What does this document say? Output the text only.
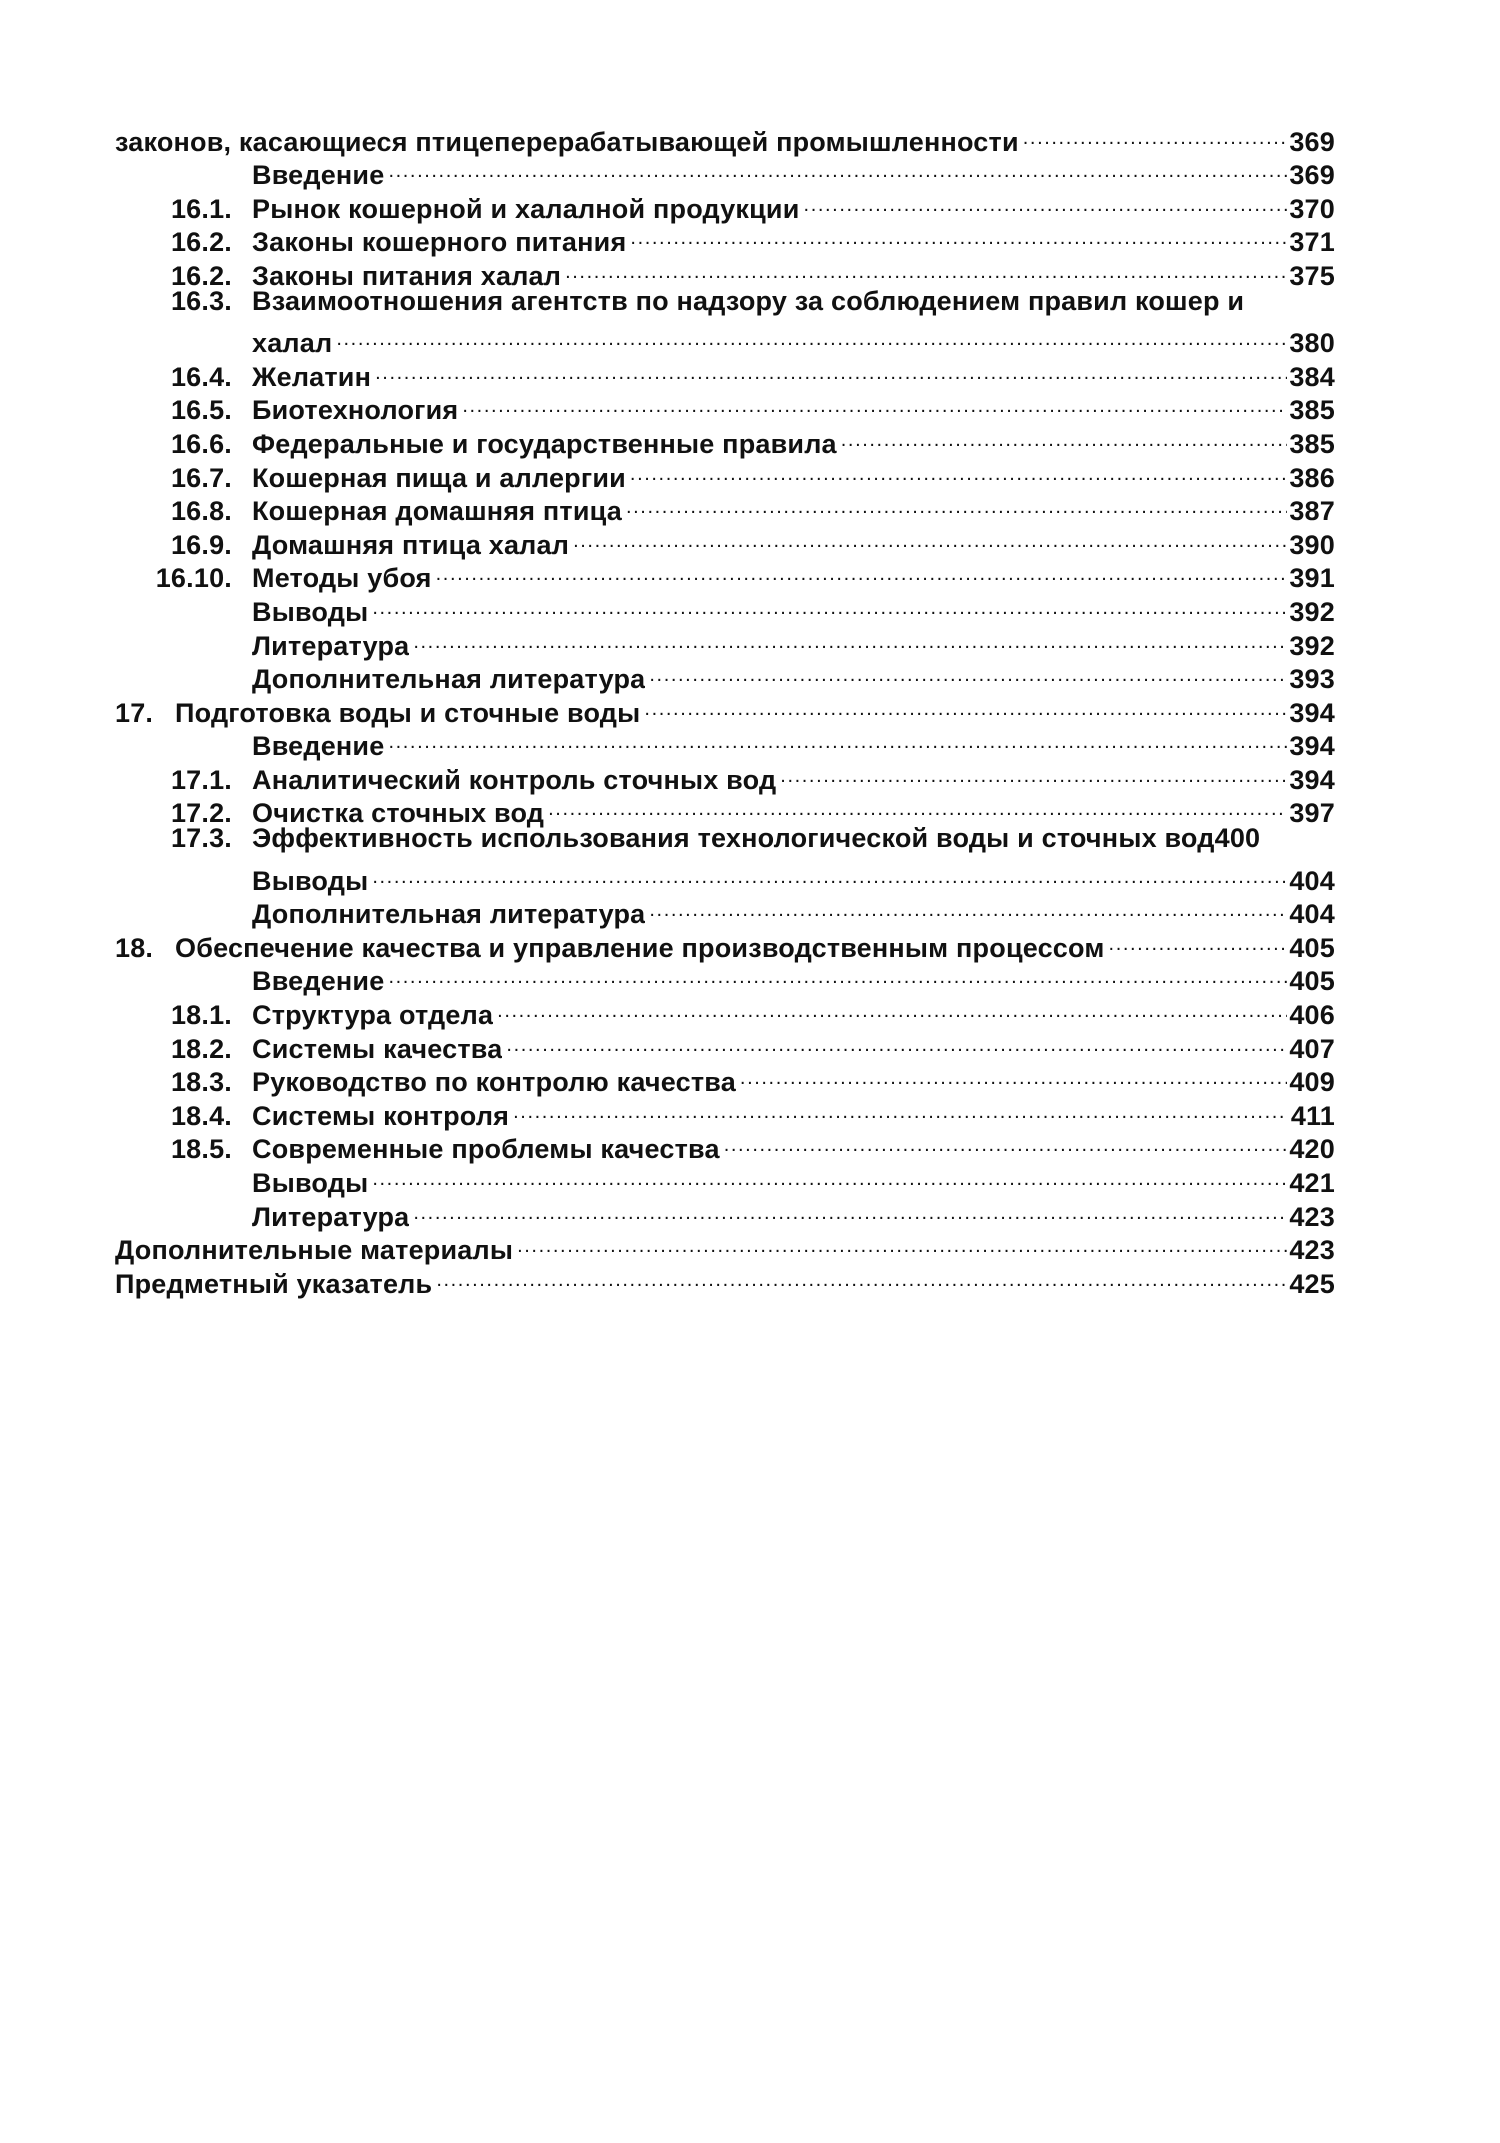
законов, касающиеся птицеперерабатывающей промышленности .....	369
Введение .....	369
16.1. Рынок кошерной и халалной продукции .....	370
16.2. Законы кошерного питания .....	371
16.2. Законы питания халал .....	375
16.3. Взаимоотношения агентств по надзору за соблюдением правил кошер и
халал .....	380
16.4. Желатин .....	384
16.5. Биотехнология .....	385
16.6. Федеральные и государственные правила .....	385
16.7. Кошерная пища и аллергии .....	386
16.8. Кошерная домашняя птица .....	387
16.9. Домашняя птица халал .....	390
16.10. Методы убоя .....	391
Выводы .....	392
Литература .....	392
Дополнительная литература .....	393
17. Подготовка воды и сточные воды .....	394
Введение .....	394
17.1. Аналитический контроль сточных вод .....	394
17.2. Очистка сточных вод .....	397
17.3. Эффективность использования технологической воды и сточных вод 400
Выводы .....	404
Дополнительная литература .....	404
18. Обеспечение качества и управление производственным процессом .....	405
Введение .....	405
18.1. Структура отдела .....	406
18.2. Системы качества .....	407
18.3. Руководство по контролю качества .....	409
18.4. Системы контроля .....	411
18.5. Современные проблемы качества .....	420
Выводы .....	421
Литература .....	423
Дополнительные материалы .....	423
Предметный указатель .....	425
